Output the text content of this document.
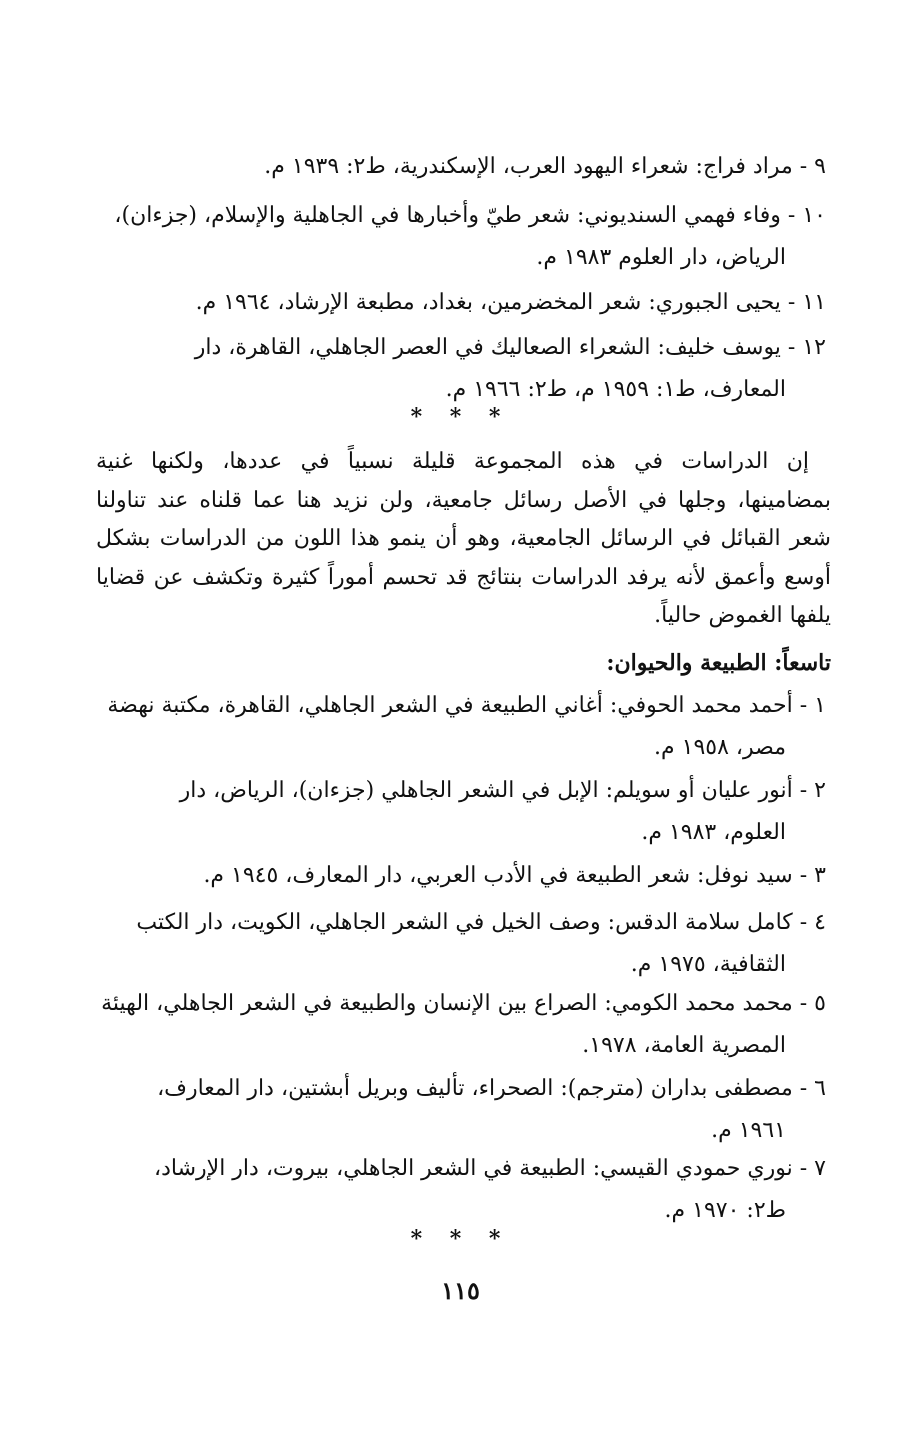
٩ - مراد فراج: شعراء اليهود العرب، الإسكندرية، ط٢: ١٩٣٩ م.
١٠ - وفاء فهمي السنديوني: شعر طيّ وأخبارها في الجاهلية والإسلام، (جزءان)،
الرياض، دار العلوم ١٩٨٣ م.
١١ - يحيى الجبوري: شعر المخضرمين، بغداد، مطبعة الإرشاد، ١٩٦٤ م.
١٢ - يوسف خليف: الشعراء الصعاليك في العصر الجاهلي، القاهرة، دار
المعارف، ط١: ١٩٥٩ م، ط٢: ١٩٦٦ م.
* * *
إن الدراسات في هذه المجموعة قليلة نسبياً في عددها، ولكنها غنية
بمضامينها، وجلها في الأصل رسائل جامعية، ولن نزيد هنا عما قلناه عند تناولنا
شعر القبائل في الرسائل الجامعية، وهو أن ينمو هذا اللون من الدراسات بشكل
أوسع وأعمق لأنه يرفد الدراسات بنتائج قد تحسم أموراً كثيرة وتكشف عن قضايا
يلفها الغموض حالياً.
تاسعاً: الطبيعة والحيوان:
١ - أحمد محمد الحوفي: أغاني الطبيعة في الشعر الجاهلي، القاهرة، مكتبة نهضة
مصر، ١٩٥٨ م.
٢ - أنور عليان أو سويلم: الإبل في الشعر الجاهلي (جزءان)، الرياض، دار
العلوم، ١٩٨٣ م.
٣ - سيد نوفل: شعر الطبيعة في الأدب العربي، دار المعارف، ١٩٤٥ م.
٤ - كامل سلامة الدقس: وصف الخيل في الشعر الجاهلي، الكويت، دار الكتب
الثقافية، ١٩٧٥ م.
٥ - محمد محمد الكومي: الصراع بين الإنسان والطبيعة في الشعر الجاهلي، الهيئة
المصرية العامة، ١٩٧٨.
٦ - مصطفى بداران (مترجم): الصحراء، تأليف وبريل أبشتين، دار المعارف،
١٩٦١ م.
٧ - نوري حمودي القيسي: الطبيعة في الشعر الجاهلي، بيروت، دار الإرشاد،
ط٢: ١٩٧٠ م.
* * *
١١٥
